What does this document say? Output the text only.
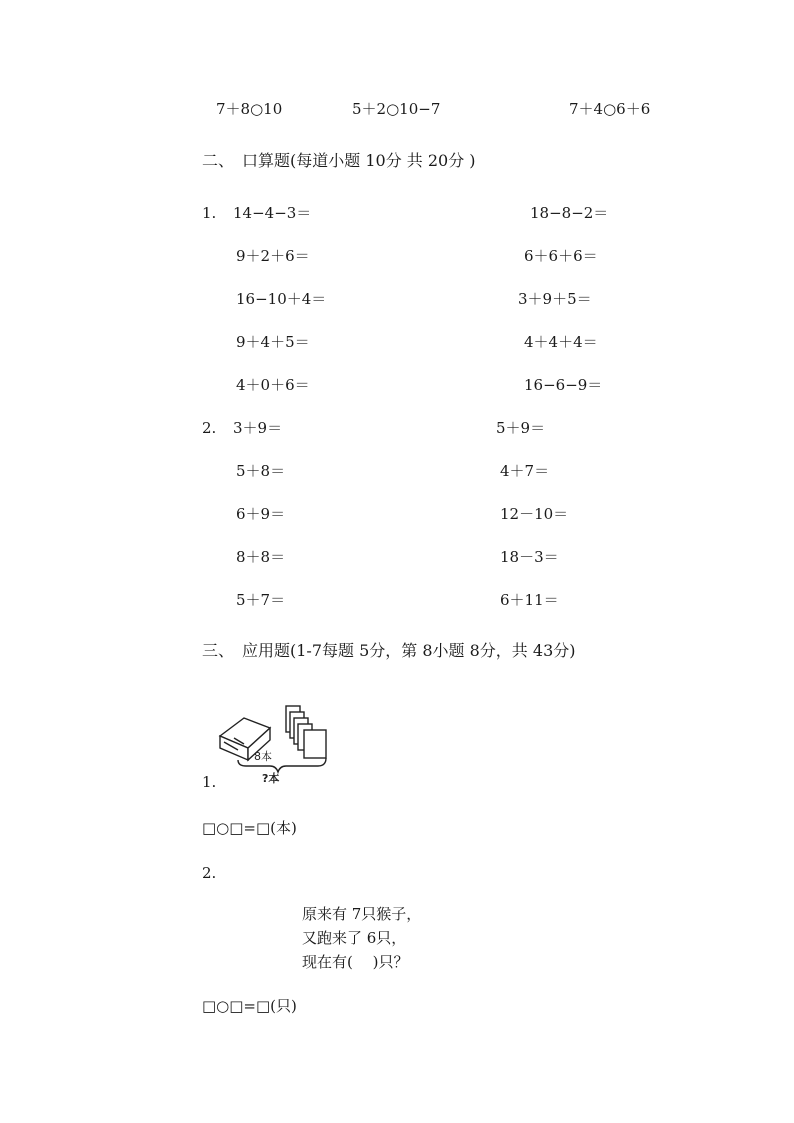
7＋8○10	5＋2○10−7	7＋4○6＋6
二、　口算题(每道小题 10分 共 20分 )
1. 14−4−3＝
9＋2＋6＝
16−10＋4＝
9＋4＋5＝
4＋0＋6＝
18−8−2＝
6＋6＋6＝
3＋9＋5＝
4＋4＋4＝
16−6−9＝
2. 3＋9＝
5＋8＝
6＋9＝
8＋8＝
5＋7＝
5＋9＝
4＋7＝
12－10＝
18－3＝
6＋11＝
三、　应用题(1-7每题 5分，第 8小题 8分，共 43分)
8本
?本
1.
□○□=□(本)
2.
原来有 7只猴子，
又跑来了 6只，
现在有(　 )只？
□○□=□(只)
